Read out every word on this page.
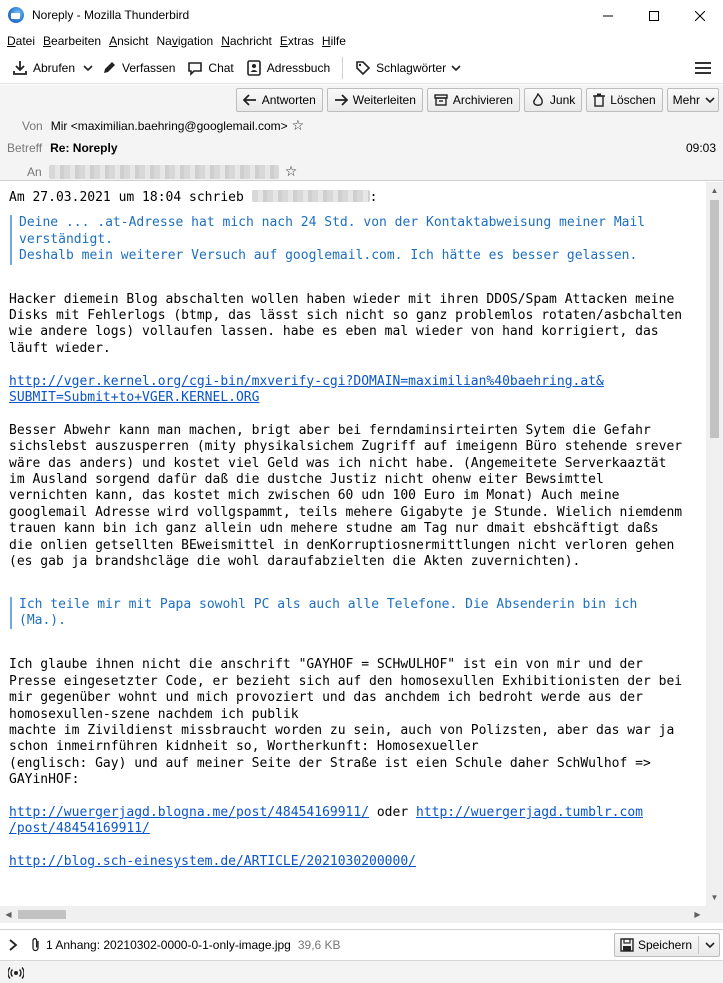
Noreply - Mozilla Thunderbird
Datei Bearbeiten Ansicht Navigation Nachricht Extras Hilfe
Abrufen	Verfassen	Chat	Adressbuch	Schlagwörter
Antworten	Weiterleiten	Archivieren	Junk	Löschen Mehr
Von Mir <maximilian.baehring@googlemail.com> ☆
Betreff Re: Noreply	09:03
An	☆

Am 27.03.2021 um 18:04 schrieb	:

Deine ... .at-Adresse hat mich nach 24 Std. von der Kontaktabweisung meiner Mail

verständigt.

Deshalb mein weiterer Versuch auf googlemail.com. Ich hätte es besser gelassen.

Hacker diemein Blog abschalten wollen haben wieder mit ihren DDOS/Spam Attacken meine

Disks mit Fehlerlogs (btmp, das lässt sich nicht so ganz problemlos rotaten/asbchalten

wie andere logs) vollaufen lassen. habe es eben mal wieder von hand korrigiert, das

läuft wieder.

http://vger.kernel.org/cgi-bin/mxverify-cgi?DOMAIN=maximilian%40baehring.at&

SUBMIT=Submit+to+VGER.KERNEL.ORG

Besser Abwehr kann man machen, brigt aber bei ferndaminsirteirten Sytem die Gefahr

sichslebst auszusperren (mity physikalsichem Zugriff auf imeigenn Büro stehende srever

wäre das anders) und kostet viel Geld was ich nicht habe. (Angemeitete Serverkaaztät

im Ausland sorgend dafür daß die dustche Justiz nicht ohenw eiter Bewsimttel

vernichten kann, das kostet mich zwischen 60 udn 100 Euro im Monat) Auch meine

googlemail Adresse wird vollgspammt, teils mehere Gigabyte je Stunde. Wielich niemdenm

trauen kann bin ich ganz allein udn mehere studne am Tag nur dmait ebshcäftigt daßs

die onlien getsellten BEweismittel in denKorruptiosnermittlungen nicht verloren gehen

(es gab ja brandshcläge die wohl daraufabzielten die Akten zuvernichten).

Ich teile mir mit Papa sowohl PC als auch alle Telefone. Die Absenderin bin ich

(Ma.).

Ich glaube ihnen nicht die anschrift "GAYHOF = SCHwULHOF" ist ein von mir und der

Presse eingesetzter Code, er bezieht sich auf den homosexullen Exhibitionisten der bei

mir gegenüber wohnt und mich provoziert und das anchdem ich bedroht werde aus der

homosexullen-szene nachdem ich publik

machte im Zivildienst missbraucht worden zu sein, auch von Polizsten, aber das war ja

schon inmeirnführen kidnheit so, Wortherkunft: Homosexueller

(englisch: Gay) und auf meiner Seite der Straße ist eien Schule daher SchWulhof =>

GAYinHOF:

http://wuergerjagd.blogna.me/post/48454169911/ oder http://wuergerjagd.tumblr.com

/post/48454169911/

http://blog.sch-einesystem.de/ARTICLE/2021030200000/

▲
▼
◀	▶
1 Anhang: 20210302-0000-0-1-only-image.jpg 39,6 KB	Speichern
